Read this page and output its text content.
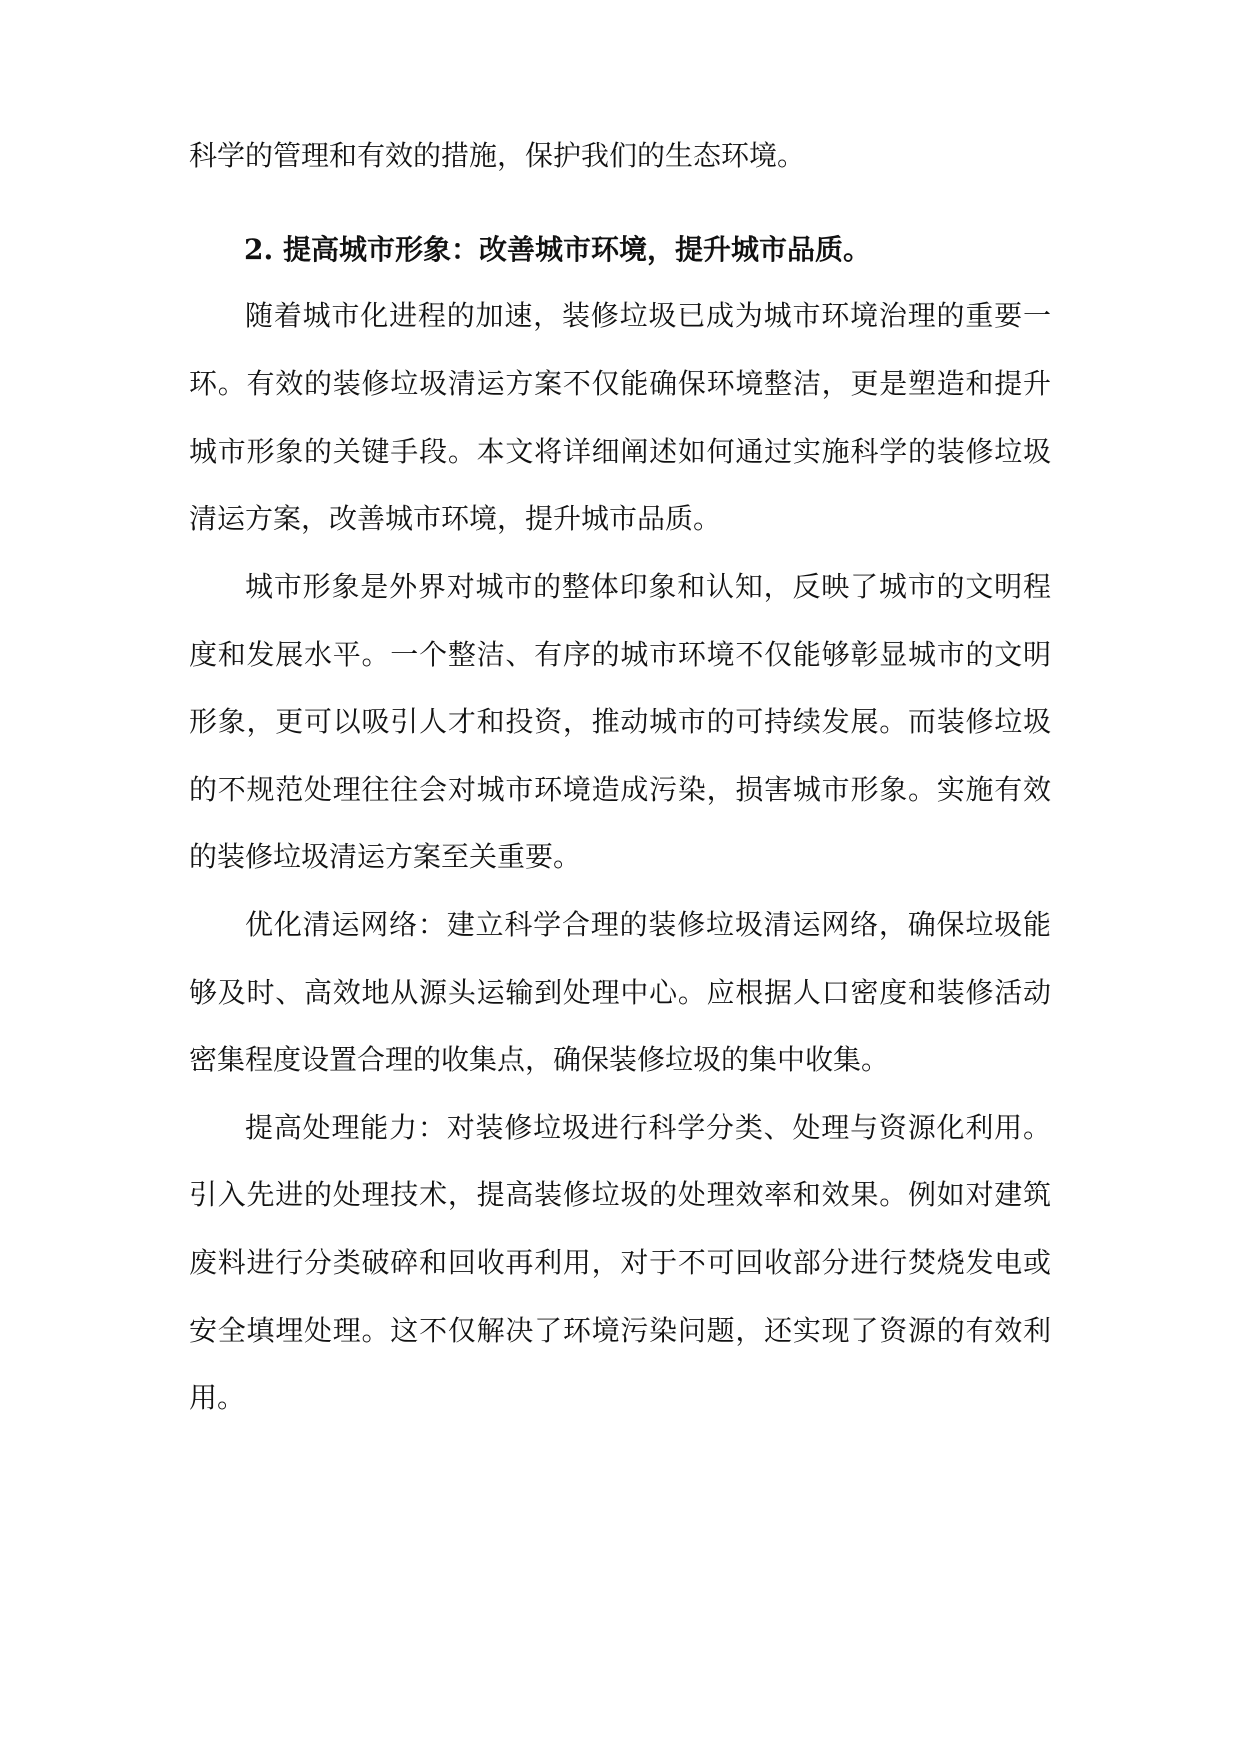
科学的管理和有效的措施，保护我们的生态环境。
2. 提高城市形象：改善城市环境，提升城市品质。
随着城市化进程的加速，装修垃圾已成为城市环境治理的重要一
环。有效的装修垃圾清运方案不仅能确保环境整洁，更是塑造和提升
城市形象的关键手段。本文将详细阐述如何通过实施科学的装修垃圾
清运方案，改善城市环境，提升城市品质。
城市形象是外界对城市的整体印象和认知，反映了城市的文明程
度和发展水平。一个整洁、有序的城市环境不仅能够彰显城市的文明
形象，更可以吸引人才和投资，推动城市的可持续发展。而装修垃圾
的不规范处理往往会对城市环境造成污染，损害城市形象。实施有效
的装修垃圾清运方案至关重要。
优化清运网络：建立科学合理的装修垃圾清运网络，确保垃圾能
够及时、高效地从源头运输到处理中心。应根据人口密度和装修活动
密集程度设置合理的收集点，确保装修垃圾的集中收集。
提高处理能力：对装修垃圾进行科学分类、处理与资源化利用。
引入先进的处理技术，提高装修垃圾的处理效率和效果。例如对建筑
废料进行分类破碎和回收再利用，对于不可回收部分进行焚烧发电或
安全填埋处理。这不仅解决了环境污染问题，还实现了资源的有效利
用。
